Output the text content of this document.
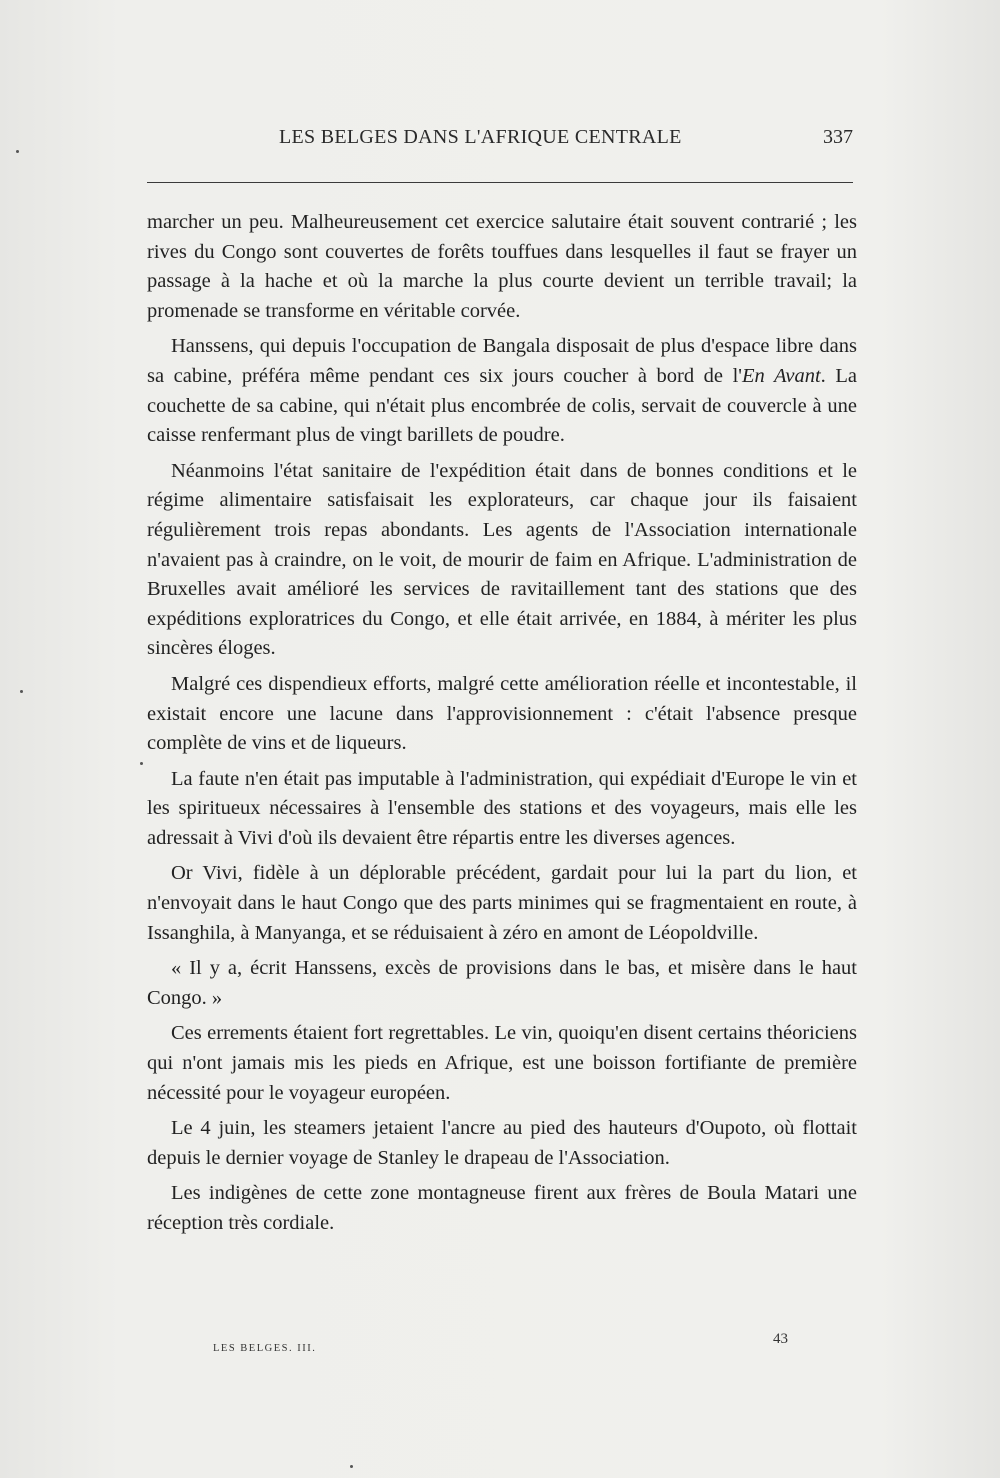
LES BELGES DANS L'AFRIQUE CENTRALE	337

marcher un peu. Malheureusement cet exercice salutaire était souvent contrarié ; les rives du Congo sont couvertes de forêts touffues dans lesquelles il faut se frayer un passage à la hache et où la marche la plus courte devient un terrible travail; la promenade se transforme en véritable corvée.

Hanssens, qui depuis l'occupation de Bangala disposait de plus d'espace libre dans sa cabine, préféra même pendant ces six jours coucher à bord de l'En Avant. La couchette de sa cabine, qui n'était plus encombrée de colis, servait de couvercle à une caisse renfermant plus de vingt barillets de poudre.

Néanmoins l'état sanitaire de l'expédition était dans de bonnes conditions et le régime alimentaire satisfaisait les explorateurs, car chaque jour ils faisaient régulièrement trois repas abondants. Les agents de l'Association internationale n'avaient pas à craindre, on le voit, de mourir de faim en Afrique. L'administration de Bruxelles avait amélioré les services de ravitaillement tant des stations que des expéditions exploratrices du Congo, et elle était arrivée, en 1884, à mériter les plus sincères éloges.

Malgré ces dispendieux efforts, malgré cette amélioration réelle et incontestable, il existait encore une lacune dans l'approvisionnement : c'était l'absence presque complète de vins et de liqueurs.

La faute n'en était pas imputable à l'administration, qui expédiait d'Europe le vin et les spiritueux nécessaires à l'ensemble des stations et des voyageurs, mais elle les adressait à Vivi d'où ils devaient être répartis entre les diverses agences.

Or Vivi, fidèle à un déplorable précédent, gardait pour lui la part du lion, et n'envoyait dans le haut Congo que des parts minimes qui se fragmentaient en route, à Issanghila, à Manyanga, et se réduisaient à zéro en amont de Léopoldville.

« Il y a, écrit Hanssens, excès de provisions dans le bas, et misère dans le haut Congo. »

Ces errements étaient fort regrettables. Le vin, quoiqu'en disent certains théoriciens qui n'ont jamais mis les pieds en Afrique, est une boisson fortifiante de première nécessité pour le voyageur européen.

Le 4 juin, les steamers jetaient l'ancre au pied des hauteurs d'Oupoto, où flottait depuis le dernier voyage de Stanley le drapeau de l'Association.

Les indigènes de cette zone montagneuse firent aux frères de Boula Matari une réception très cordiale.

LES BELGES. III.
43
